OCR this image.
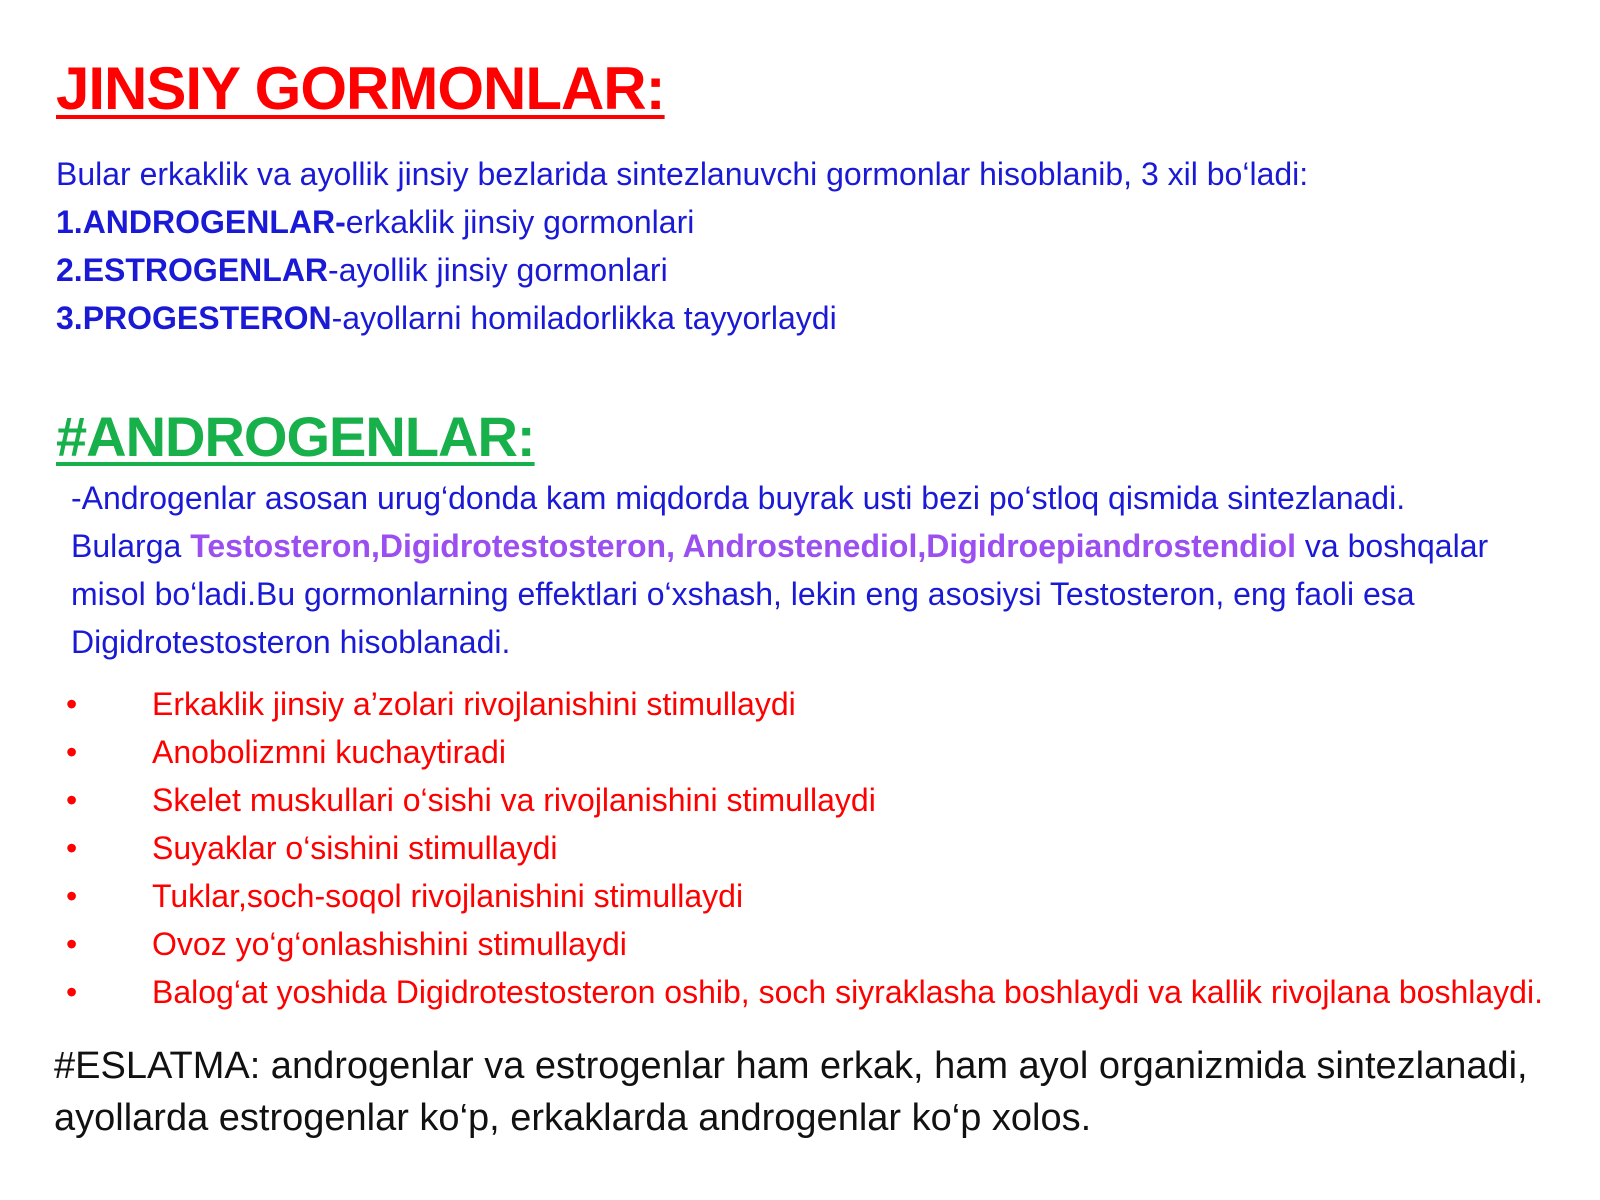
JINSIY GORMONLAR:

Bular erkaklik va ayollik jinsiy bezlarida sintezlanuvchi gormonlar hisoblanib, 3 xil bo‘ladi:

1.ANDROGENLAR-erkaklik jinsiy gormonlari

2.ESTROGENLAR-ayollik jinsiy gormonlari

3.PROGESTERON-ayollarni homiladorlikka tayyorlaydi

#ANDROGENLAR:

-Androgenlar asosan urug‘donda kam miqdorda buyrak usti bezi po‘stloq qismida sintezlanadi. Bularga Testosteron,Digidrotestosteron, Androstenediol,Digidroepiandrostendiol va boshqalar misol bo‘ladi.Bu gormonlarning effektlari o‘xshash, lekin eng asosiysi Testosteron, eng faoli esa Digidrotestosteron hisoblanadi.

•	Erkaklik jinsiy a’zolari rivojlanishini stimullaydi
•	Anobolizmni kuchaytiradi
•	Skelet muskullari o‘sishi va rivojlanishini stimullaydi
•	Suyaklar o‘sishini stimullaydi
•	Tuklar,soch-soqol rivojlanishini stimullaydi
•	Ovoz yo‘g‘onlashishini stimullaydi
•	Balog‘at yoshida Digidrotestosteron oshib, soch siyraklasha boshlaydi va kallik rivojlana boshlaydi.

#ESLATMA: androgenlar va estrogenlar ham erkak, ham ayol organizmida sintezlanadi, ayollarda estrogenlar ko‘p, erkaklarda androgenlar ko‘p xolos.
